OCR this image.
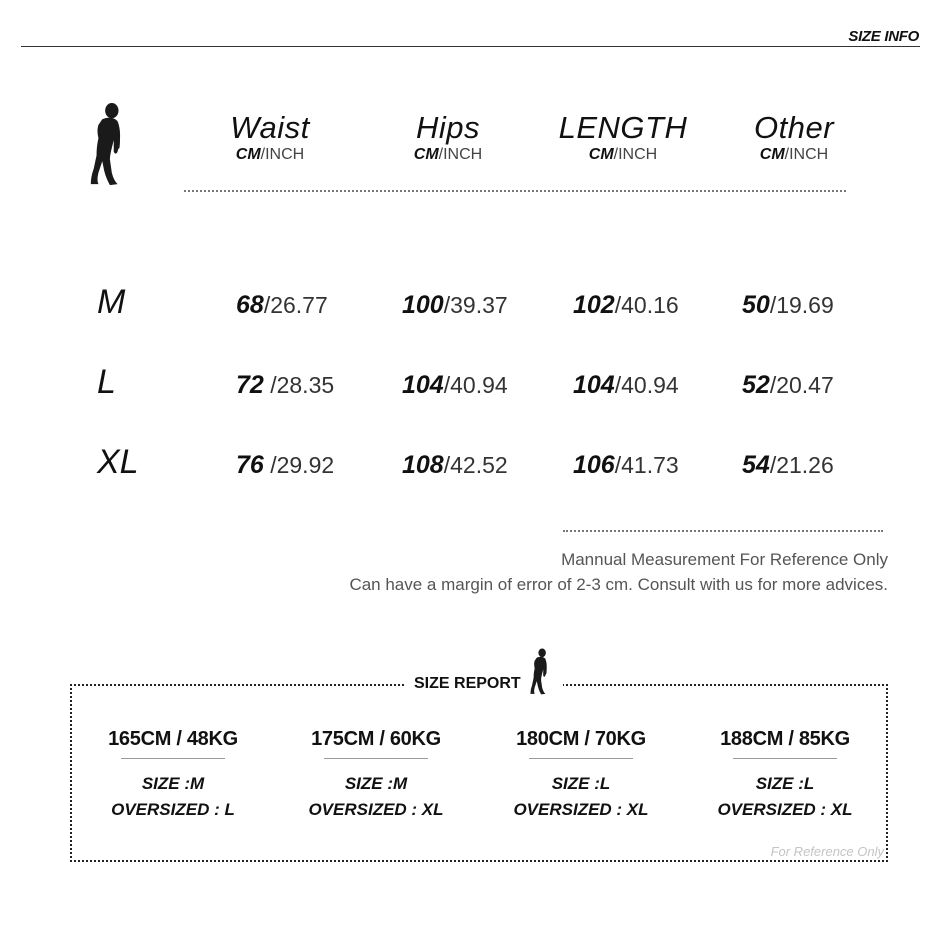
SIZE INFO
Waist
CM/INCH
Hips
CM/INCH
LENGTH
CM/INCH
Other
CM/INCH
M	68/26.77	100/39.37	102/40.16	50/19.69
L	72 /28.35	104/40.94	104/40.94	52/20.47
XL	76 /29.92	108/42.52	106/41.73	54/21.26
Mannual Measurement For Reference Only
Can have a margin of error of 2-3 cm. Consult with us for more advices.
SIZE REPORT
165CM / 48KG
SIZE :M
OVERSIZED : L
175CM / 60KG
SIZE :M
OVERSIZED : XL
180CM / 70KG
SIZE :L
OVERSIZED : XL
188CM / 85KG
SIZE :L
OVERSIZED : XL
For Reference Only
